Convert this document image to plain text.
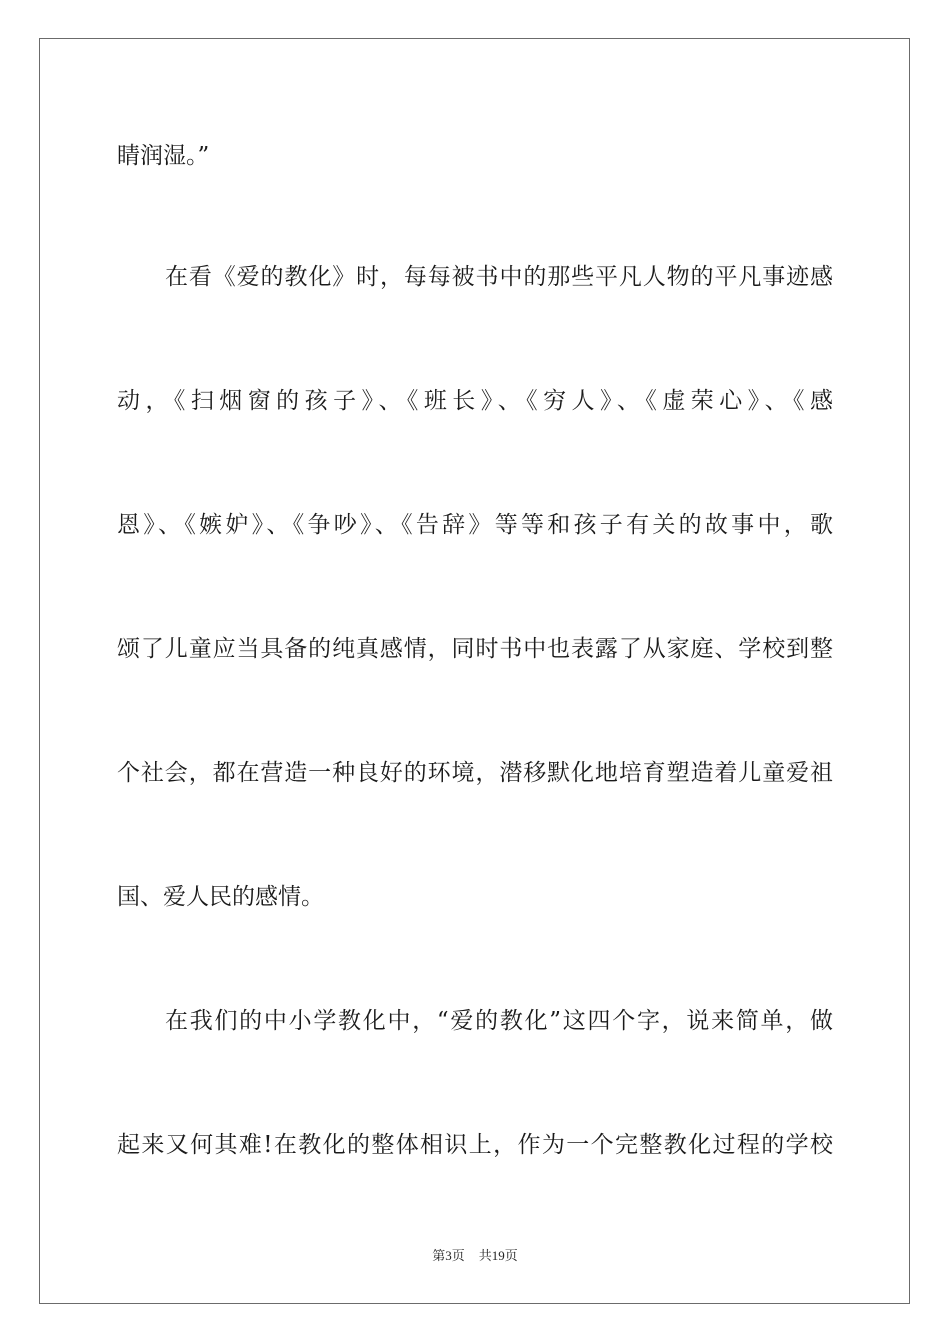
睛润湿。”
在看《爱的教化》时，每每被书中的那些平凡人物的平凡事迹感
动，《扫烟窗的孩子》、《班长》、《穷人》、《虚荣心》、《感
恩》、《嫉妒》、《争吵》、《告辞》等等和孩子有关的故事中，歌
颂了儿童应当具备的纯真感情，同时书中也表露了从家庭、学校到整
个社会，都在营造一种良好的环境，潜移默化地培育塑造着儿童爱祖
国、爱人民的感情。
在我们的中小学教化中，“爱的教化”这四个字，说来简单，做
起来又何其难!在教化的整体相识上，作为一个完整教化过程的学校
第3页 共19页
